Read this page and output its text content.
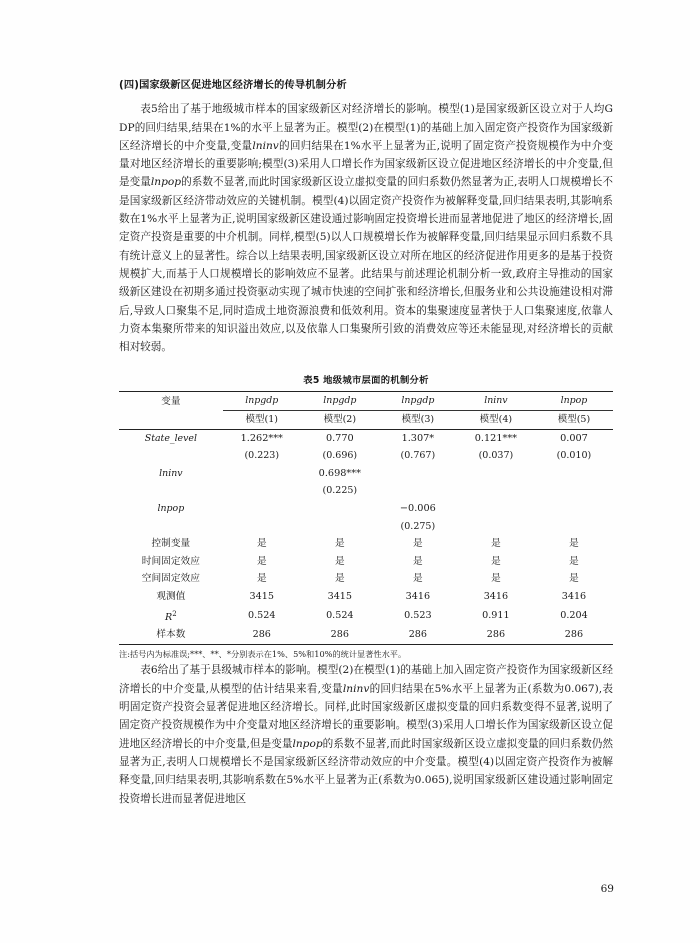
(四)国家级新区促进地区经济增长的传导机制分析

表5给出了基于地级城市样本的国家级新区对经济增长的影响。模型(1)是国家级新区设立对于人均GDP的回归结果,结果在1%的水平上显著为正。模型(2)在模型(1)的基础上加入固定资产投资作为国家级新区经济增长的中介变量,变量lninv的回归结果在1%水平上显著为正,说明了固定资产投资规模作为中介变量对地区经济增长的重要影响;模型(3)采用人口增长作为国家级新区设立促进地区经济增长的中介变量,但是变量lnpop的系数不显著,而此时国家级新区设立虚拟变量的回归系数仍然显著为正,表明人口规模增长不是国家级新区经济带动效应的关键机制。模型(4)以固定资产投资作为被解释变量,回归结果表明,其影响系数在1%水平上显著为正,说明国家级新区建设通过影响固定投资增长进而显著地促进了地区的经济增长,固定资产投资是重要的中介机制。同样,模型(5)以人口规模增长作为被解释变量,回归结果显示回归系数不具有统计意义上的显著性。综合以上结果表明,国家级新区设立对所在地区的经济促进作用更多的是基于投资规模扩大,而基于人口规模增长的影响效应不显著。此结果与前述理论机制分析一致,政府主导推动的国家级新区建设在初期多通过投资驱动实现了城市快速的空间扩张和经济增长,但服务业和公共设施建设相对滞后,导致人口聚集不足,同时造成土地资源浪费和低效利用。资本的集聚速度显著快于人口集聚速度,依靠人力资本集聚所带来的知识溢出效应,以及依靠人口集聚所引致的消费效应等还未能显现,对经济增长的贡献相对较弱。

表5 地级城市层面的机制分析
变量	lnpgdp	lnpgdp	lnpgdp	lninv	lnpop
	模型(1)	模型(2)	模型(3)	模型(4)	模型(5)
State_level	1.262***	0.770	1.307*	0.121***	0.007
	(0.223)	(0.696)	(0.767)	(0.037)	(0.010)
lninv		0.698***			
		(0.225)			
lnpop			−0.006		
			(0.275)		
控制变量	是	是	是	是	是
时间固定效应	是	是	是	是	是
空间固定效应	是	是	是	是	是
观测值	3415	3415	3416	3416	3416
$R^2$	0.524	0.524	0.523	0.911	0.204
样本数	286	286	286	286	286
注:括号内为标准误;***、**、*分别表示在1%、5%和10%的统计显著性水平。

表6给出了基于县级城市样本的影响。模型(2)在模型(1)的基础上加入固定资产投资作为国家级新区经济增长的中介变量,从模型的估计结果来看,变量lninv的回归结果在5%水平上显著为正(系数为0.067),表明固定资产投资会显著促进地区经济增长。同样,此时国家级新区虚拟变量的回归系数变得不显著,说明了固定资产投资规模作为中介变量对地区经济增长的重要影响。模型(3)采用人口增长作为国家级新区设立促进地区经济增长的中介变量,但是变量lnpop的系数不显著,而此时国家级新区设立虚拟变量的回归系数仍然显著为正,表明人口规模增长不是国家级新区经济带动效应的中介变量。模型(4)以固定资产投资作为被解释变量,回归结果表明,其影响系数在5%水平上显著为正(系数为0.065),说明国家级新区建设通过影响固定投资增长进而显著促进地区

69
